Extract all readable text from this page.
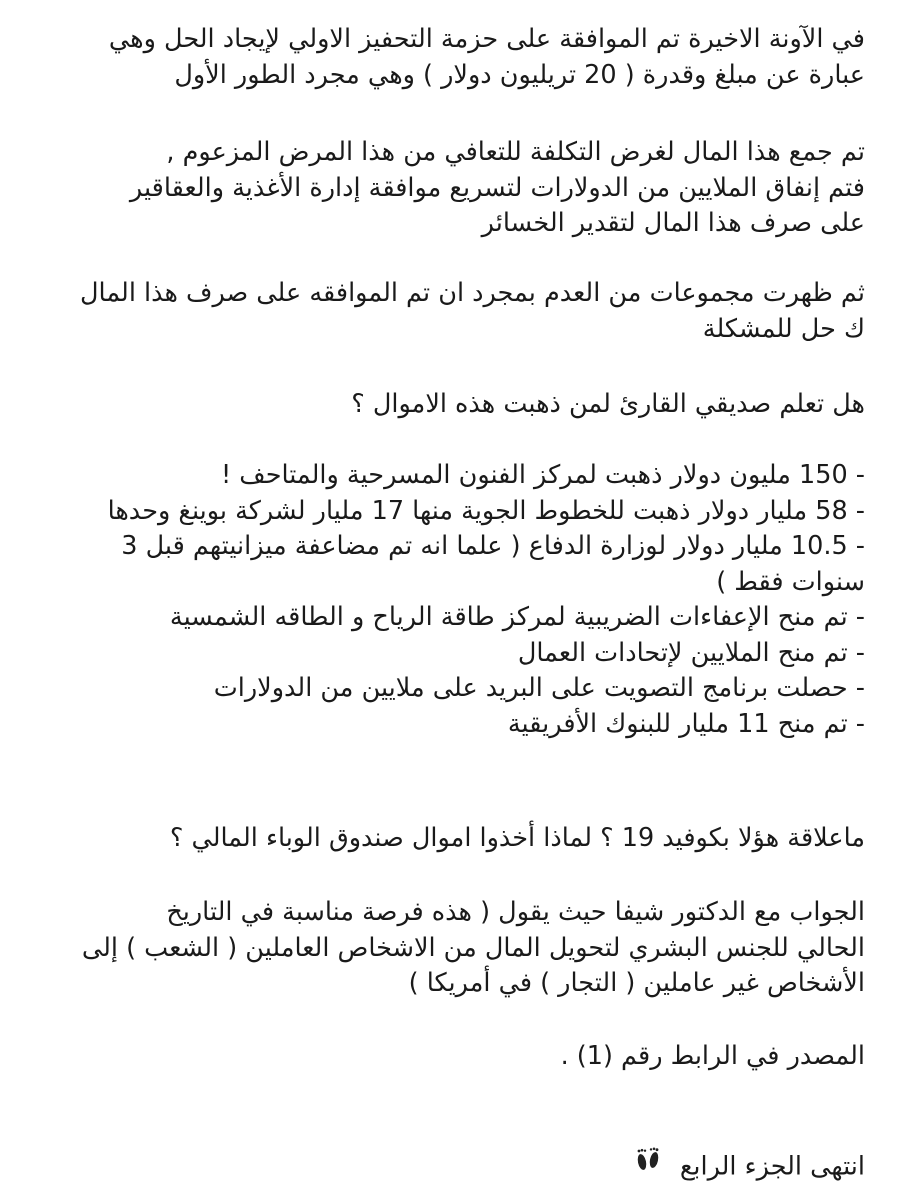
في الآونة الاخيرة تم الموافقة على حزمة التحفيز الاولي لإيجاد الحل وهي
عبارة عن مبلغ وقدرة ( 20 تريليون دولار ) وهي مجرد الطور الأول
تم جمع هذا المال لغرض التكلفة للتعافي من هذا المرض المزعوم ,
فتم إنفاق الملايين من الدولارات لتسريع موافقة إدارة الأغذية والعقاقير
على صرف هذا المال لتقدير الخسائر
ثم ظهرت مجموعات من العدم بمجرد ان تم الموافقه على صرف هذا المال
ك حل للمشكلة
هل تعلم صديقي القارئ لمن ذهبت هذه الاموال ؟
- 150 مليون دولار ذهبت لمركز الفنون المسرحية والمتاحف !
- 58 مليار دولار ذهبت للخطوط الجوية منها 17 مليار لشركة بوينغ وحدها
- 10.5 مليار دولار لوزارة الدفاع ( علما انه تم مضاعفة ميزانيتهم قبل 3
سنوات فقط )
- تم منح الإعفاءات الضريبية لمركز طاقة الرياح و الطاقه الشمسية
- تم منح الملايين لإتحادات العمال
- حصلت برنامج التصويت على البريد على ملايين من الدولارات
- تم منح 11 مليار للبنوك الأفريقية
ماعلاقة هؤلا بكوفيد 19 ؟ لماذا أخذوا اموال صندوق الوباء المالي ؟
الجواب مع الدكتور شيفا حيث يقول ( هذه فرصة مناسبة في التاريخ
الحالي للجنس البشري لتحويل المال من الاشخاص العاملين ( الشعب ) إلى
الأشخاص غير عاملين ( التجار ) في أمريكا )
المصدر في الرابط رقم (1) .
انتهى الجزء الرابع
